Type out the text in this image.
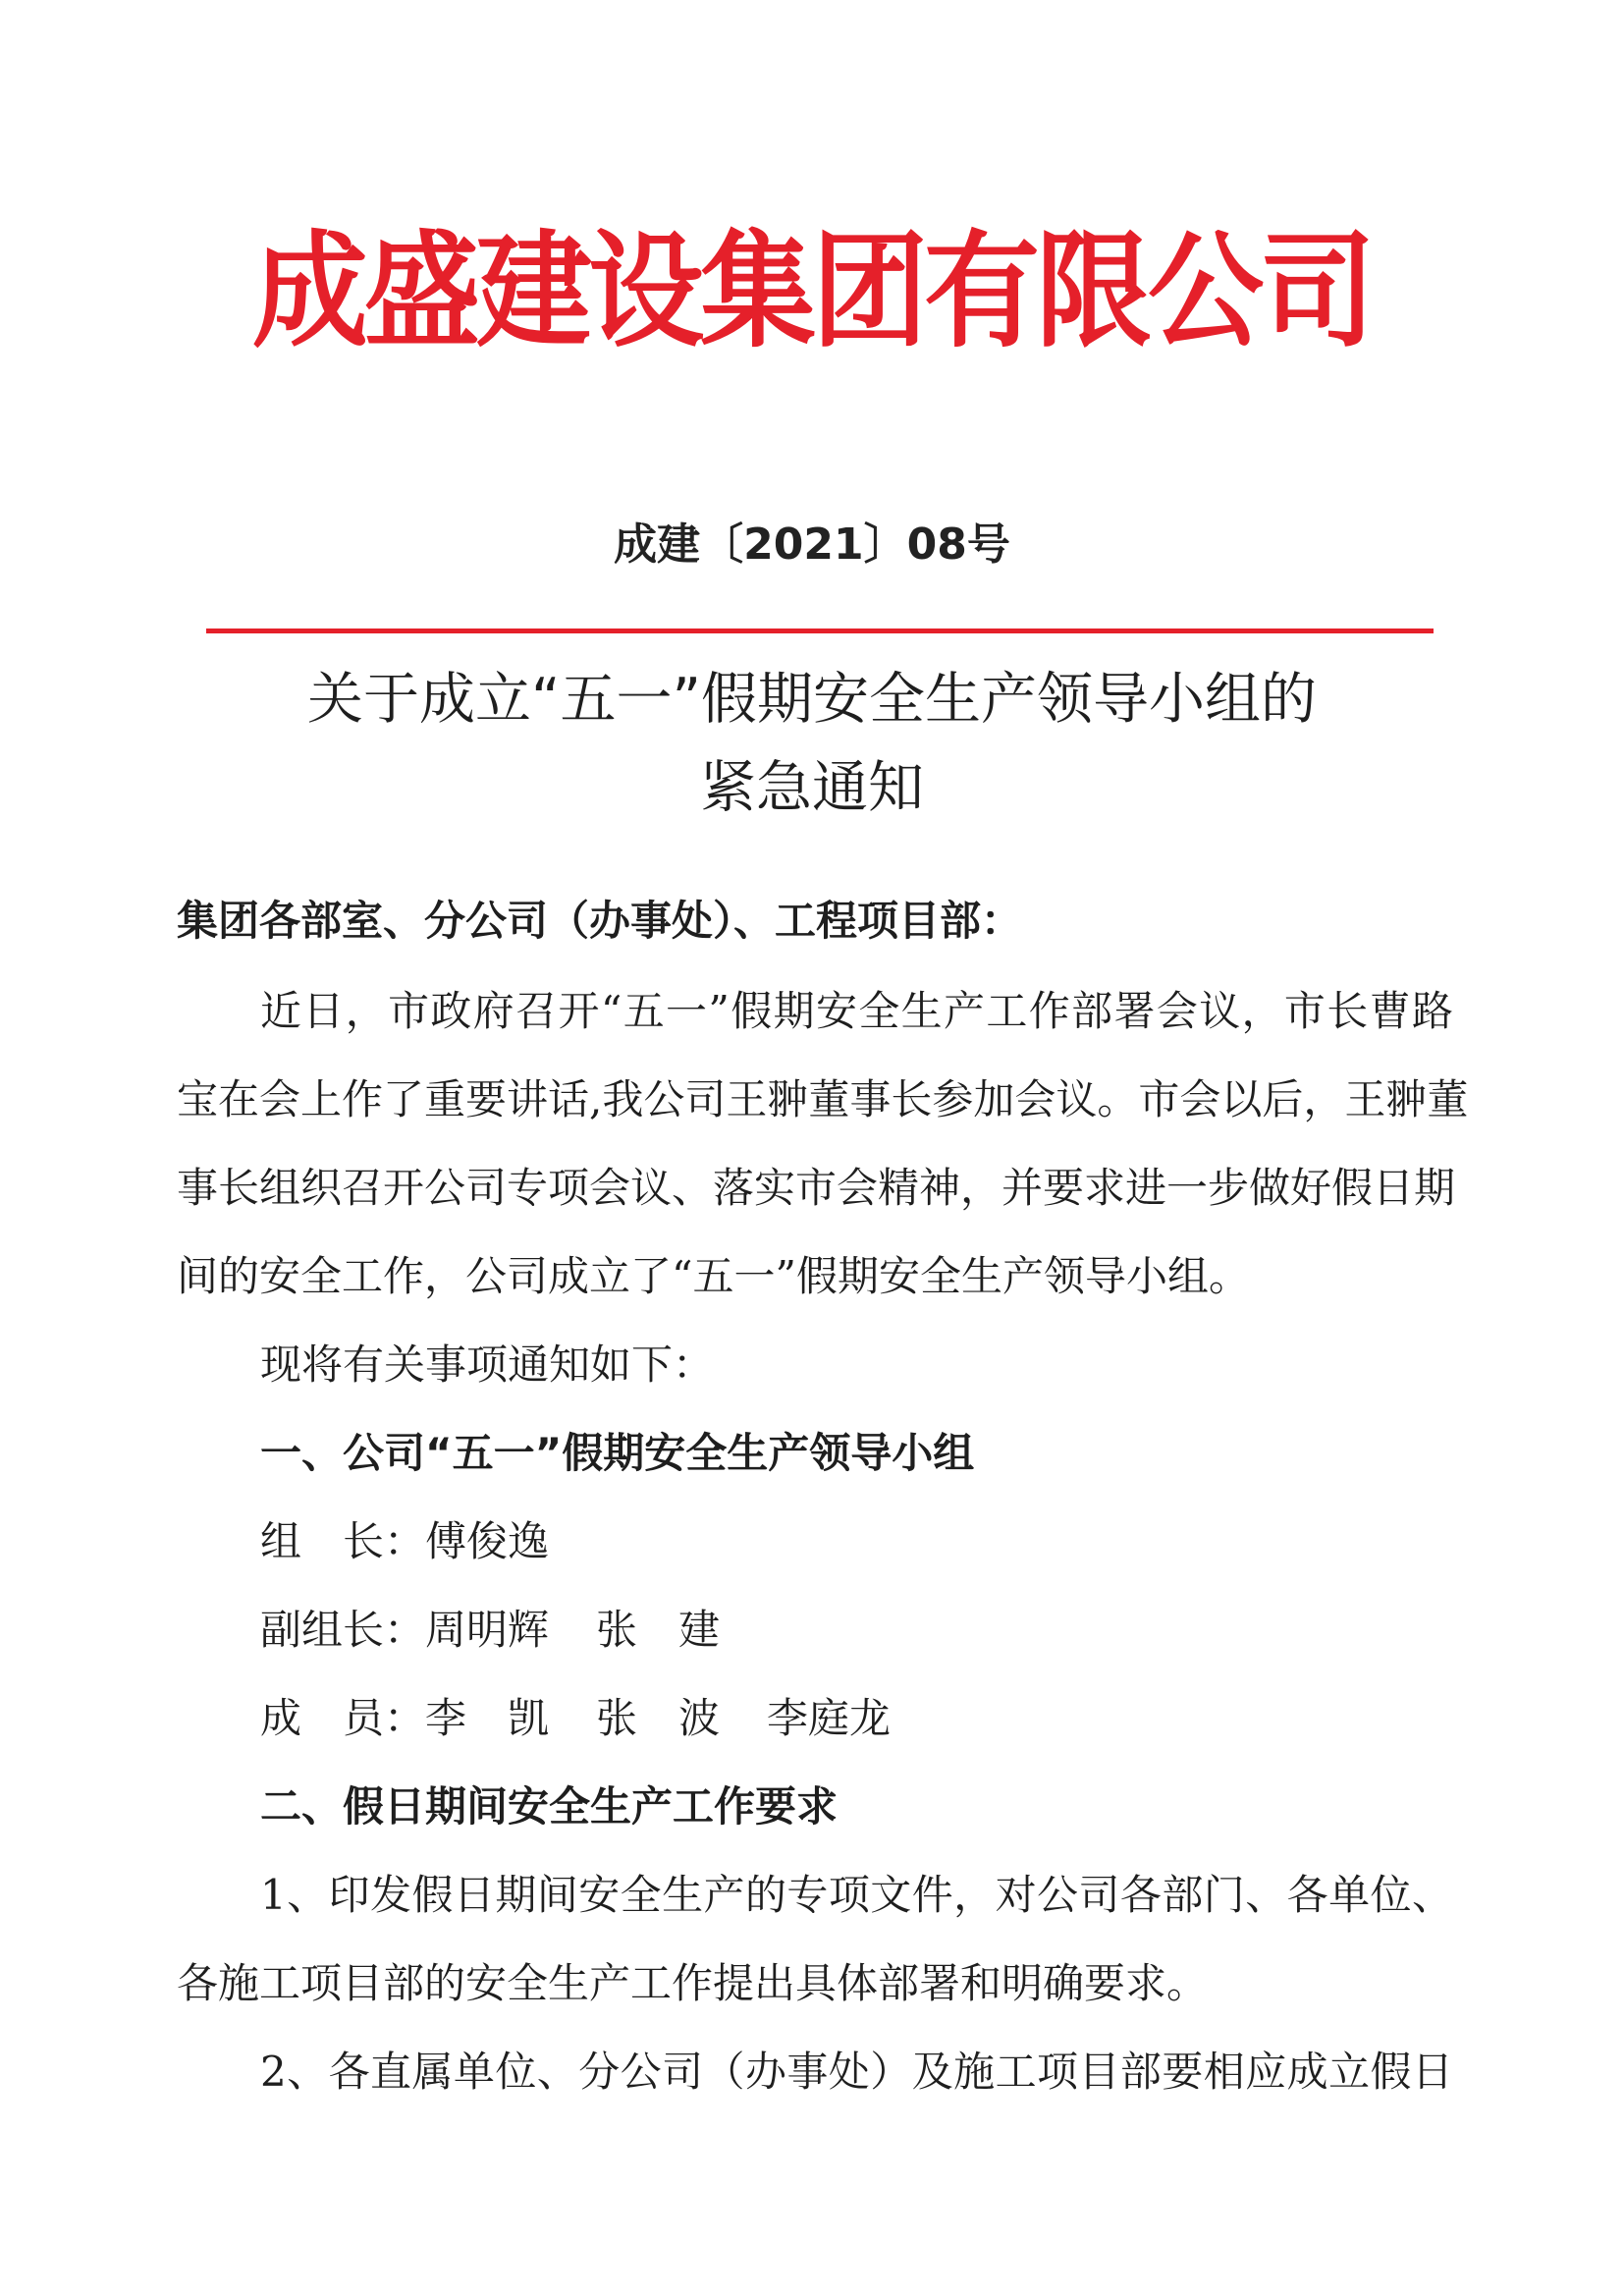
成盛建设集团有限公司
成建〔2021〕08号
关于成立“五一”假期安全生产领导小组的
紧急通知
集团各部室、分公司（办事处）、工程项目部：
近日，市政府召开“五一”假期安全生产工作部署会议，市长曹路
宝在会上作了重要讲话,我公司王翀董事长参加会议。市会以后，王翀董
事长组织召开公司专项会议、落实市会精神，并要求进一步做好假日期
间的安全工作，公司成立了“五一”假期安全生产领导小组。
现将有关事项通知如下：
一、公司“五一”假期安全生产领导小组
组　长：傅俊逸
副组长：周明辉 张　建
成　员：李　凯 张　波 李庭龙
二、假日期间安全生产工作要求
1、印发假日期间安全生产的专项文件，对公司各部门、各单位、
各施工项目部的安全生产工作提出具体部署和明确要求。
2、各直属单位、分公司（办事处）及施工项目部要相应成立假日
